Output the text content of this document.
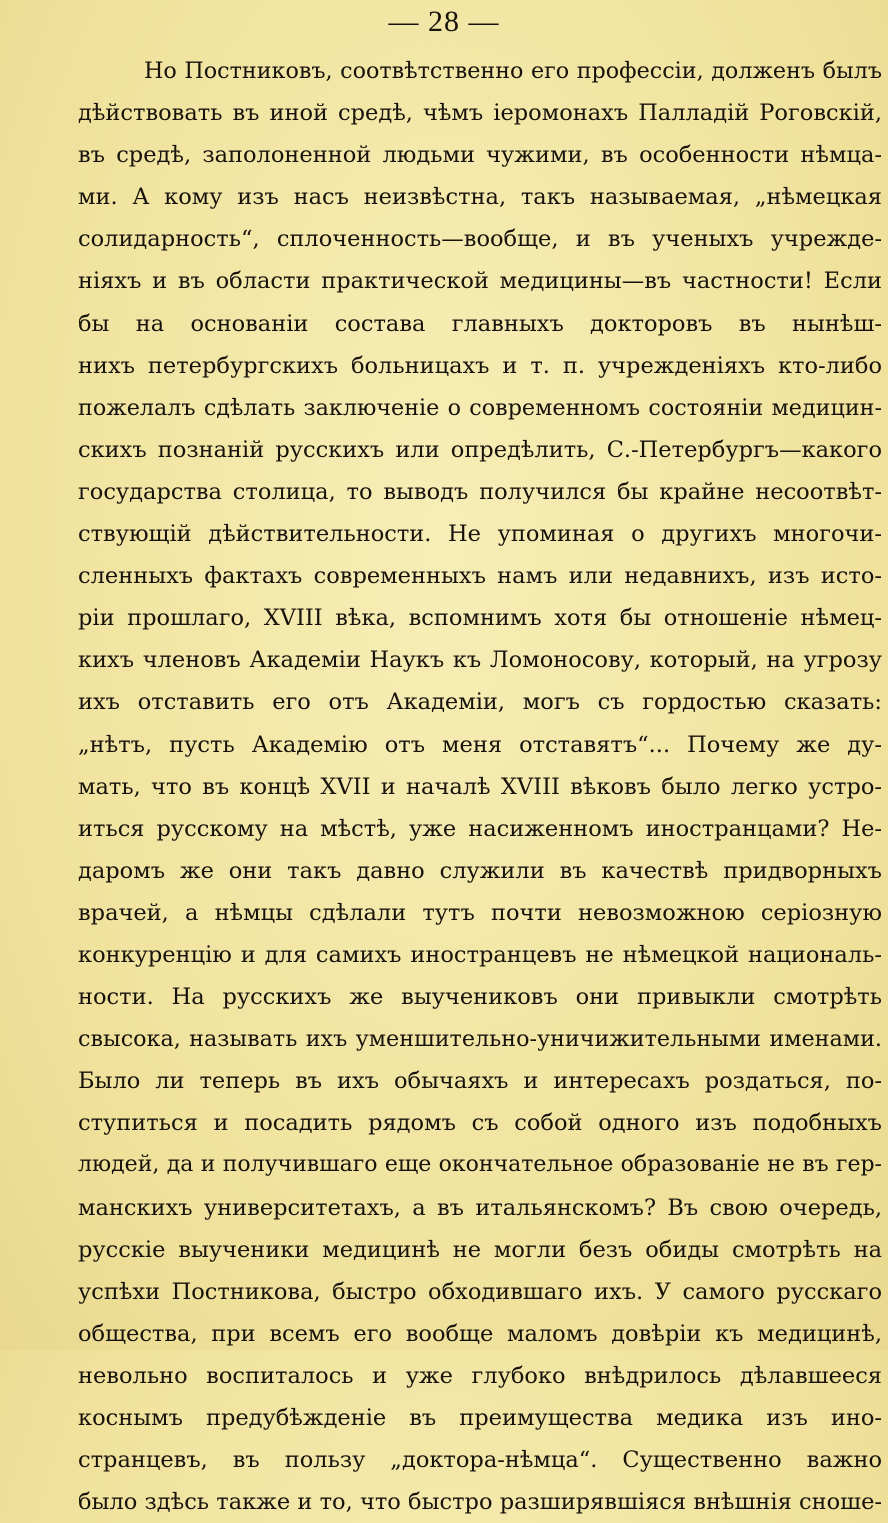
— 28 —
Но Постниковъ, соотвѣтственно его профессіи, долженъ былъ
дѣйствовать въ иной средѣ, чѣмъ іеромонахъ Палладій Роговскій,
въ средѣ, заполоненной людьми чужими, въ особенности нѣмца-
ми. А кому изъ насъ неизвѣстна, такъ называемая, „нѣмецкая
солидарность“, сплоченность—вообще, и въ ученыхъ учрежде-
ніяхъ и въ области практической медицины—въ частности! Если
бы на основаніи состава главныхъ докторовъ въ нынѣш-
нихъ петербургскихъ больницахъ и т. п. учрежденіяхъ кто-либо
пожелалъ сдѣлать заключеніе о современномъ состояніи медицин-
скихъ познаній русскихъ или опредѣлить, С.-Петербургъ—какого
государства столица, то выводъ получился бы крайне несоотвѣт-
ствующій дѣйствительности. Не упоминая о другихъ многочи-
сленныхъ фактахъ современныхъ намъ или недавнихъ, изъ исто-
ріи прошлаго, XVIII вѣка, вспомнимъ хотя бы отношеніе нѣмец-
кихъ членовъ Академіи Наукъ къ Ломоносову, который, на угрозу
ихъ отставить его отъ Академіи, могъ съ гордостью сказать:
„нѣтъ, пусть Академію отъ меня отставятъ“... Почему же ду-
мать, что въ концѣ XVII и началѣ XVIII вѣковъ было легко устро-
иться русскому на мѣстѣ, уже насиженномъ иностранцами? Не-
даромъ же они такъ давно служили въ качествѣ придворныхъ
врачей, а нѣмцы сдѣлали тутъ почти невозможною серіозную
конкуренцію и для самихъ иностранцевъ не нѣмецкой националь-
ности. На русскихъ же выучениковъ они привыкли смотрѣть
свысока, называть ихъ уменшительно-уничижительными именами.
Было ли теперь въ ихъ обычаяхъ и интересахъ роздаться, по-
ступиться и посадить рядомъ съ собой одного изъ подобныхъ
людей, да и получившаго еще окончательное образованіе не въ гер-
манскихъ университетахъ, а въ итальянскомъ? Въ свою очередь,
русскіе выученики медицинѣ не могли безъ обиды смотрѣть на
успѣхи Постникова, быстро обходившаго ихъ. У самого русскаго
общества, при всемъ его вообще маломъ довѣріи къ медицинѣ,
невольно воспиталось и уже глубоко внѣдрилось дѣлавшееся
коснымъ предубѣжденіе въ преимущества медика изъ ино-
странцевъ, въ пользу „доктора-нѣмца“. Существенно важно
было здѣсь также и то, что быстро разширявшіяся внѣшнія сноше-
